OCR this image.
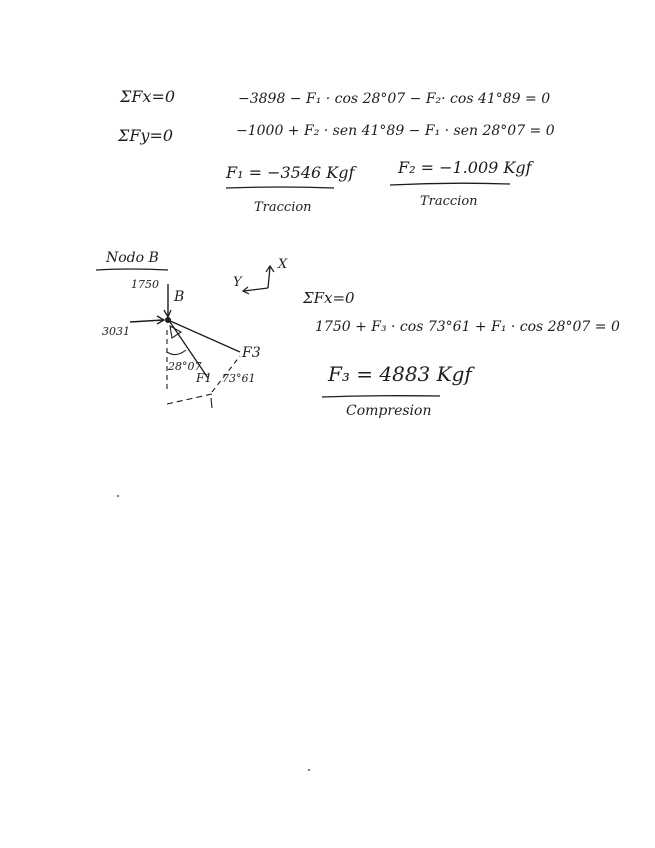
ΣFx=0	−3898 − F₁ · cos 28°07 − F₂· cos 41°89 = 0
ΣFy=0	−1000 + F₂ · sen 41°89 − F₁ · sen 28°07 = 0
F₁ = −3546 Kgf
Traccion
F₂ = −1.009 Kgf
Traccion
Nodo B
1750
B
3031
Y
X
F3
F1
28°07
73°61
ΣFx=0
1750 + F₃ · cos 73°61 + F₁ · cos 28°07 = 0
F₃ = 4883 Kgf
Compresion
